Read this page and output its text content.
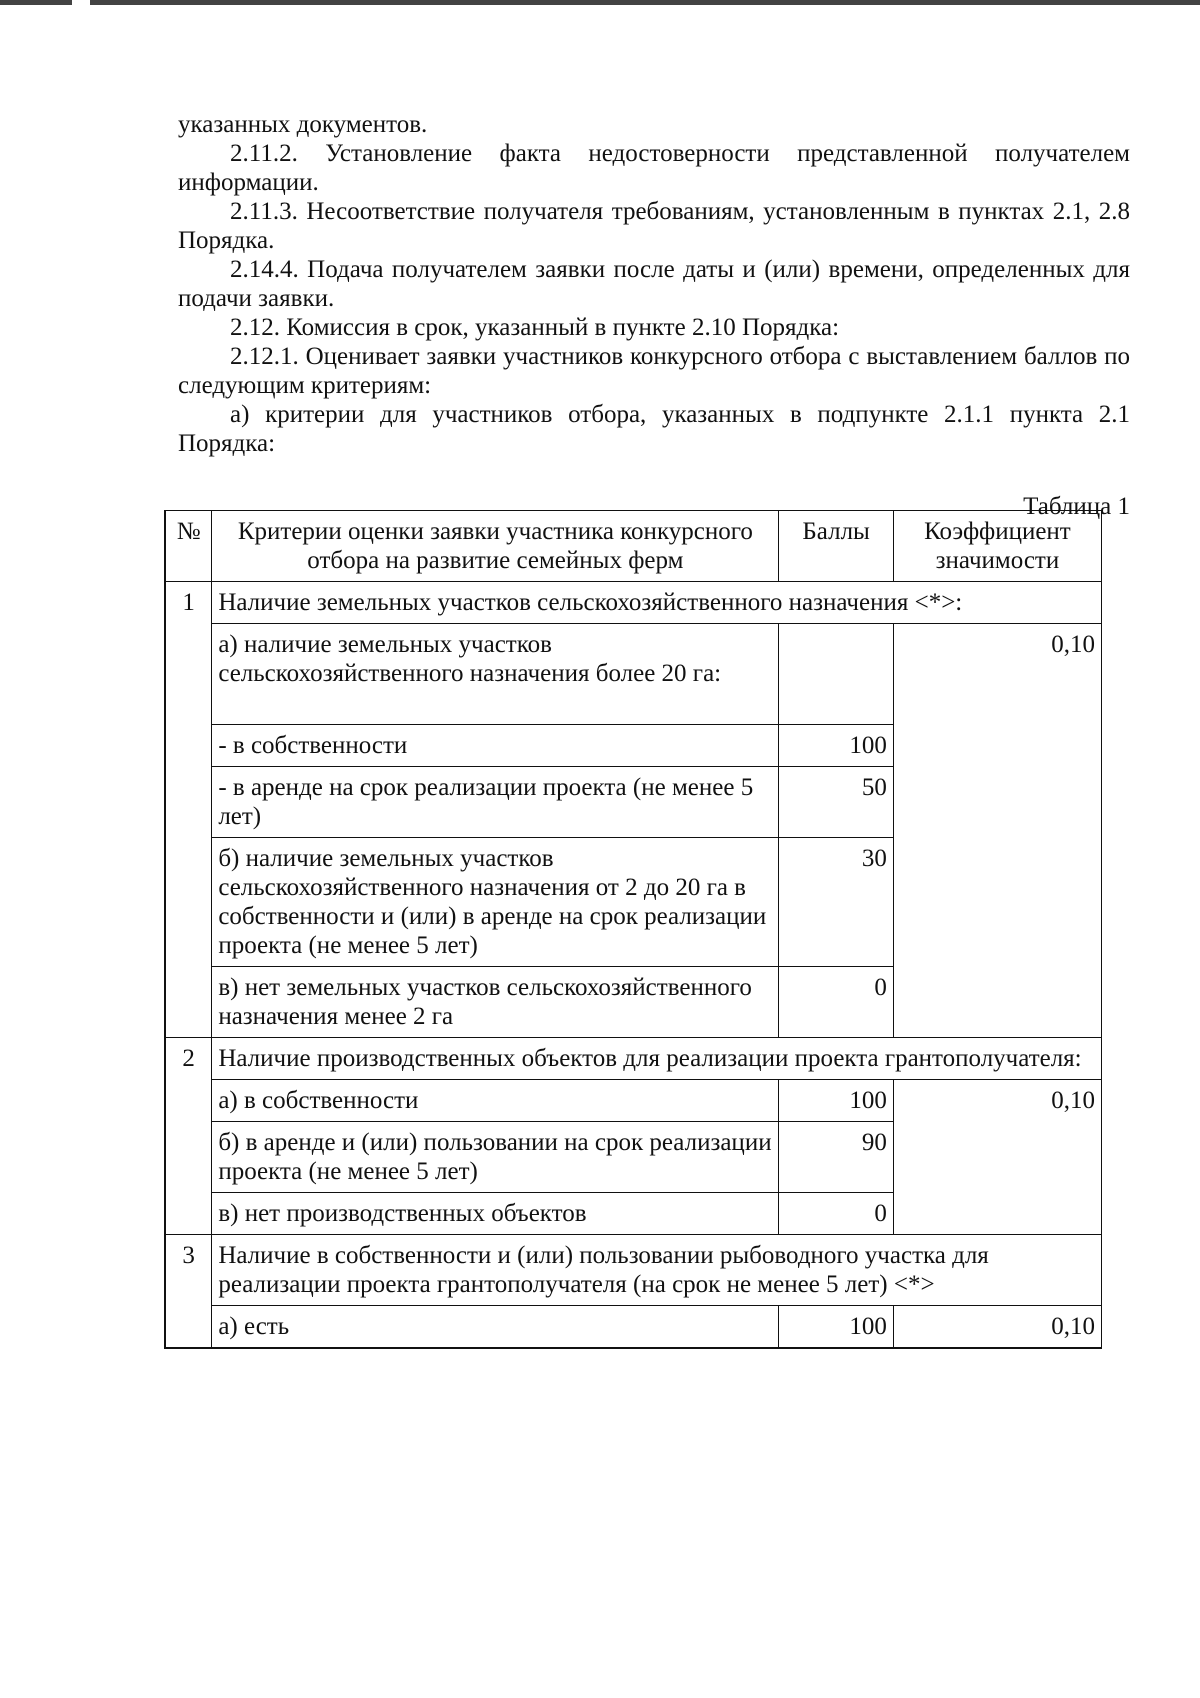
указанных документов.

2.11.2. Установление факта недостоверности представленной получателем информации.

2.11.3. Несоответствие получателя требованиям, установленным в пунктах 2.1, 2.8 Порядка.

2.14.4. Подача получателем заявки после даты и (или) времени, определенных для подачи заявки.

2.12. Комиссия в срок, указанный в пункте 2.10 Порядка:

2.12.1. Оценивает заявки участников конкурсного отбора с выставлением баллов по следующим критериям:

а) критерии для участников отбора, указанных в подпункте 2.1.1 пункта 2.1 Порядка:

Таблица 1
№	Критерии оценки заявки участника конкурсного отбора на развитие семейных ферм	Баллы	Коэффициент значимости
1	Наличие земельных участков сельскохозяйственного назначения <*>:		
	а) наличие земельных участков сельскохозяйственного назначения более 20 га:		0,10
	- в собственности	100	
	- в аренде на срок реализации проекта (не менее 5 лет)	50	
	б) наличие земельных участков сельскохозяйственного назначения от 2 до 20 га в собственности и (или) в аренде на срок реализации проекта (не менее 5 лет)	30	
	в) нет земельных участков сельскохозяйственного назначения менее 2 га	0	
2	Наличие производственных объектов для реализации проекта грантополучателя:		
	а) в собственности	100	0,10
	б) в аренде и (или) пользовании на срок реализации проекта (не менее 5 лет)	90	
	в) нет производственных объектов	0	
3	Наличие в собственности и (или) пользовании рыбоводного участка для реализации проекта грантополучателя (на срок не менее 5 лет) <*>		
	а) есть	100	0,10
